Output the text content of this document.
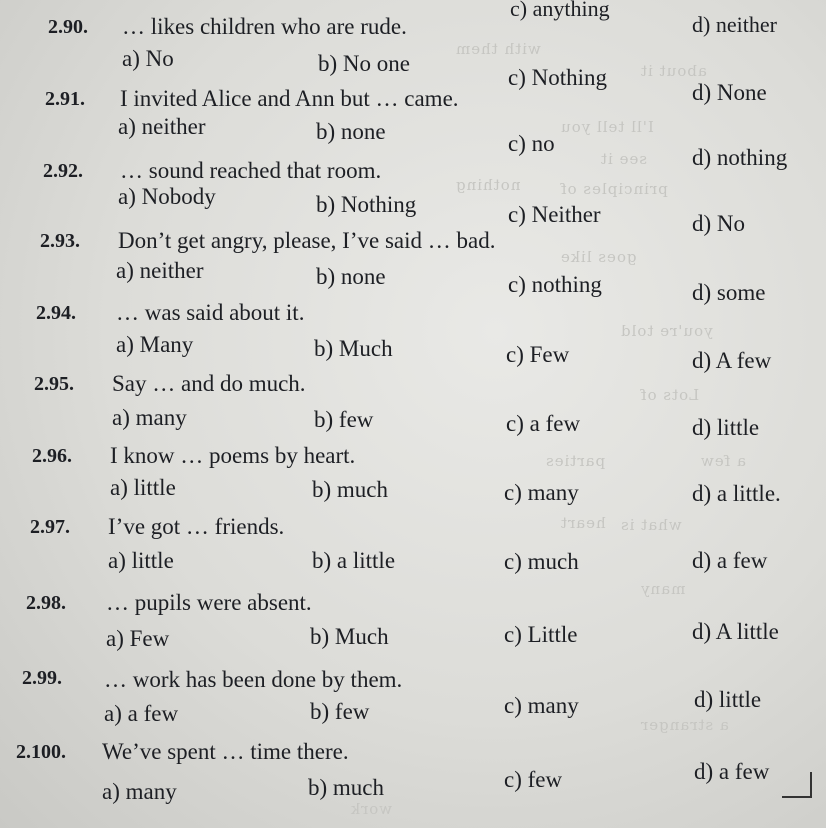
with them
about it
I'll tell you
see it
nothing	principles of
goes like
you're told
Lots of
heart what is
many
parties	a few
a stranger
work
c) anything
d) neither
2.90. … likes children who are rude.
a) No	b) No one
c) Nothing
d) None
2.91. I invited Alice and Ann but … came.
a) neither	b) none	c) no
d) nothing
2.92. … sound reached that room.
a) Nobody	b) Nothing	c) Neither	d) No
2.93. Don’t get angry, please, I’ve said … bad.
a) neither	b) none	c) nothing	d) some
2.94. … was said about it.
a) Many	b) Much	c) Few	d) A few
2.95. Say … and do much.
a) many	b) few	c) a few	d) little
2.96. I know … poems by heart.
a) little	b) much	c) many	d) a little.
2.97. I’ve got … friends.
a) little	b) a little	c) much	d) a few
2.98. … pupils were absent.
a) Few	b) Much	c) Little	d) A little
2.99. … work has been done by them.
a) a few	b) few	c) many	d) little
2.100. We’ve spent … time there.
a) many	b) much	c) few	d) a few
